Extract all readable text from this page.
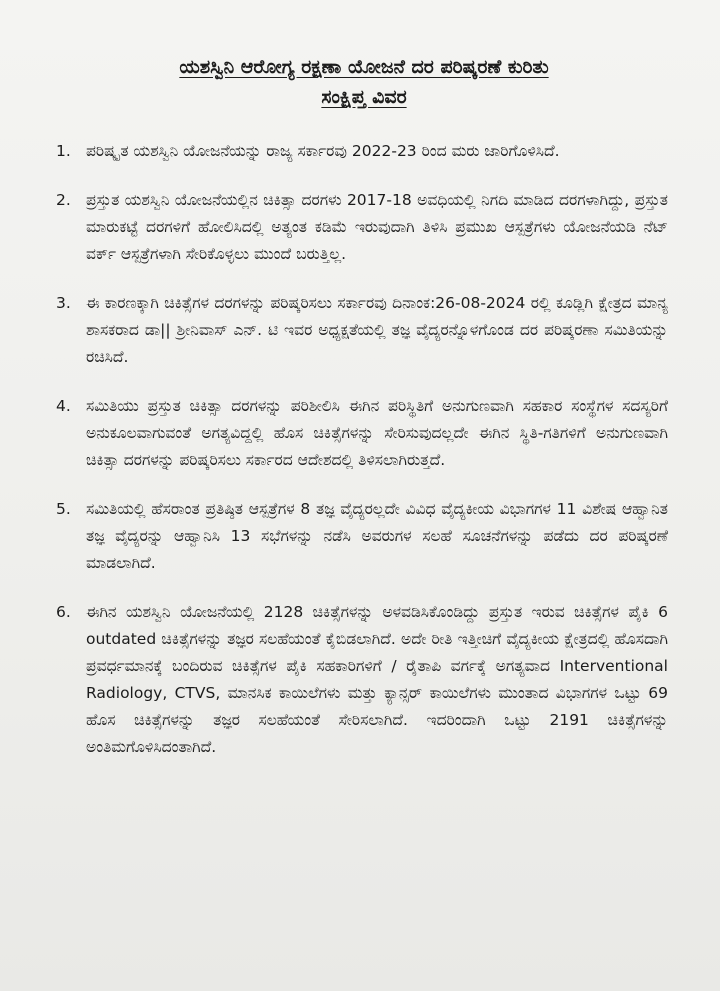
ಯಶಸ್ವಿನಿ ಆರೋಗ್ಯ ರಕ್ಷಣಾ ಯೋಜನೆ ದರ ಪರಿಷ್ಕರಣೆ ಕುರಿತು
ಸಂಕ್ಷಿಪ್ತ ವಿವರ
1. ಪರಿಷ್ಕೃತ ಯಶಸ್ವಿನಿ ಯೋಜನೆಯನ್ನು ರಾಜ್ಯ ಸರ್ಕಾರವು 2022-23 ರಿಂದ ಮರು ಜಾರಿಗೊಳಿಸಿದೆ.
2. ಪ್ರಸ್ತುತ ಯಶಸ್ವಿನಿ ಯೋಜನೆಯಲ್ಲಿನ ಚಿಕಿತ್ಸಾ ದರಗಳು 2017-18 ಅವಧಿಯಲ್ಲಿ ನಿಗದಿ ಮಾಡಿದ ದರಗಳಾಗಿದ್ದು, ಪ್ರಸ್ತುತ ಮಾರುಕಟ್ಟೆ ದರಗಳಿಗೆ ಹೋಲಿಸಿದಲ್ಲಿ ಅತ್ಯಂತ ಕಡಿಮೆ ಇರುವುದಾಗಿ ತಿಳಿಸಿ ಪ್ರಮುಖ ಆಸ್ಪತ್ರೆಗಳು ಯೋಜನೆಯಡಿ ನೆಟ್ ವರ್ಕ್ ಆಸ್ಪತ್ರೆಗಳಾಗಿ ಸೇರಿಕೊಳ್ಳಲು ಮುಂದೆ ಬರುತ್ತಿಲ್ಲ.
3. ಈ ಕಾರಣಕ್ಕಾಗಿ ಚಿಕಿತ್ಸೆಗಳ ದರಗಳನ್ನು ಪರಿಷ್ಕರಿಸಲು ಸರ್ಕಾರವು ದಿನಾಂಕ:26-08-2024 ರಲ್ಲಿ ಕೂಡ್ಲಿಗಿ ಕ್ಷೇತ್ರದ ಮಾನ್ಯ ಶಾಸಕರಾದ ಡಾ|| ಶ್ರೀನಿವಾಸ್ ಎನ್. ಟಿ ಇವರ ಅಧ್ಯಕ್ಷತೆಯಲ್ಲಿ ತಜ್ಞ ವೈದ್ಯರನ್ನೊಳಗೊಂಡ ದರ ಪರಿಷ್ಕರಣಾ ಸಮಿತಿಯನ್ನು ರಚಿಸಿದೆ.
4. ಸಮಿತಿಯು ಪ್ರಸ್ತುತ ಚಿಕಿತ್ಸಾ ದರಗಳನ್ನು ಪರಿಶೀಲಿಸಿ ಈಗಿನ ಪರಿಸ್ಥಿತಿಗೆ ಅನುಗುಣವಾಗಿ ಸಹಕಾರ ಸಂಸ್ಥೆಗಳ ಸದಸ್ಯರಿಗೆ ಅನುಕೂಲವಾಗುವಂತೆ ಅಗತ್ಯವಿದ್ದಲ್ಲಿ ಹೊಸ ಚಿಕಿತ್ಸೆಗಳನ್ನು ಸೇರಿಸುವುದಲ್ಲದೇ ಈಗಿನ ಸ್ಥಿತಿ-ಗತಿಗಳಿಗೆ ಅನುಗುಣವಾಗಿ ಚಿಕಿತ್ಸಾ ದರಗಳನ್ನು ಪರಿಷ್ಕರಿಸಲು ಸರ್ಕಾರದ ಆದೇಶದಲ್ಲಿ ತಿಳಿಸಲಾಗಿರುತ್ತದೆ.
5. ಸಮಿತಿಯಲ್ಲಿ ಹೆಸರಾಂತ ಪ್ರತಿಷ್ಠಿತ ಆಸ್ಪತ್ರೆಗಳ 8 ತಜ್ಞ ವೈದ್ಯರಲ್ಲದೇ ವಿವಿಧ ವೈದ್ಯಕೀಯ ವಿಭಾಗಗಳ 11 ವಿಶೇಷ ಆಹ್ವಾನಿತ ತಜ್ಞ ವೈದ್ಯರನ್ನು ಆಹ್ವಾನಿಸಿ 13 ಸಭೆಗಳನ್ನು ನಡೆಸಿ ಅವರುಗಳ ಸಲಹೆ ಸೂಚನೆಗಳನ್ನು ಪಡೆದು ದರ ಪರಿಷ್ಕರಣೆ ಮಾಡಲಾಗಿದೆ.
6. ಈಗಿನ ಯಶಸ್ವಿನಿ ಯೋಜನೆಯಲ್ಲಿ 2128 ಚಿಕಿತ್ಸೆಗಳನ್ನು ಅಳವಡಿಸಿಕೊಂಡಿದ್ದು ಪ್ರಸ್ತುತ ಇರುವ ಚಿಕಿತ್ಸೆಗಳ ಪೈಕಿ 6 outdated ಚಿಕಿತ್ಸೆಗಳನ್ನು ತಜ್ಞರ ಸಲಹೆಯಂತೆ ಕೈಬಿಡಲಾಗಿದೆ. ಅದೇ ರೀತಿ ಇತ್ತೀಚಿಗೆ ವೈದ್ಯಕೀಯ ಕ್ಷೇತ್ರದಲ್ಲಿ ಹೊಸದಾಗಿ ಪ್ರವರ್ಧಮಾನಕ್ಕೆ ಬಂದಿರುವ ಚಿಕಿತ್ಸೆಗಳ ಪೈಕಿ ಸಹಕಾರಿಗಳಿಗೆ / ರೈತಾಪಿ ವರ್ಗಕ್ಕೆ ಅಗತ್ಯವಾದ Interventional Radiology, CTVS, ಮಾನಸಿಕ ಕಾಯಿಲೆಗಳು ಮತ್ತು ಕ್ಯಾನ್ಸರ್ ಕಾಯಿಲೆಗಳು ಮುಂತಾದ ವಿಭಾಗಗಳ ಒಟ್ಟು 69 ಹೊಸ ಚಿಕಿತ್ಸೆಗಳನ್ನು ತಜ್ಞರ ಸಲಹೆಯಂತೆ ಸೇರಿಸಲಾಗಿದೆ. ಇದರಿಂದಾಗಿ ಒಟ್ಟು 2191 ಚಿಕಿತ್ಸೆಗಳನ್ನು ಅಂತಿಮಗೊಳಿಸಿದಂತಾಗಿದೆ.
